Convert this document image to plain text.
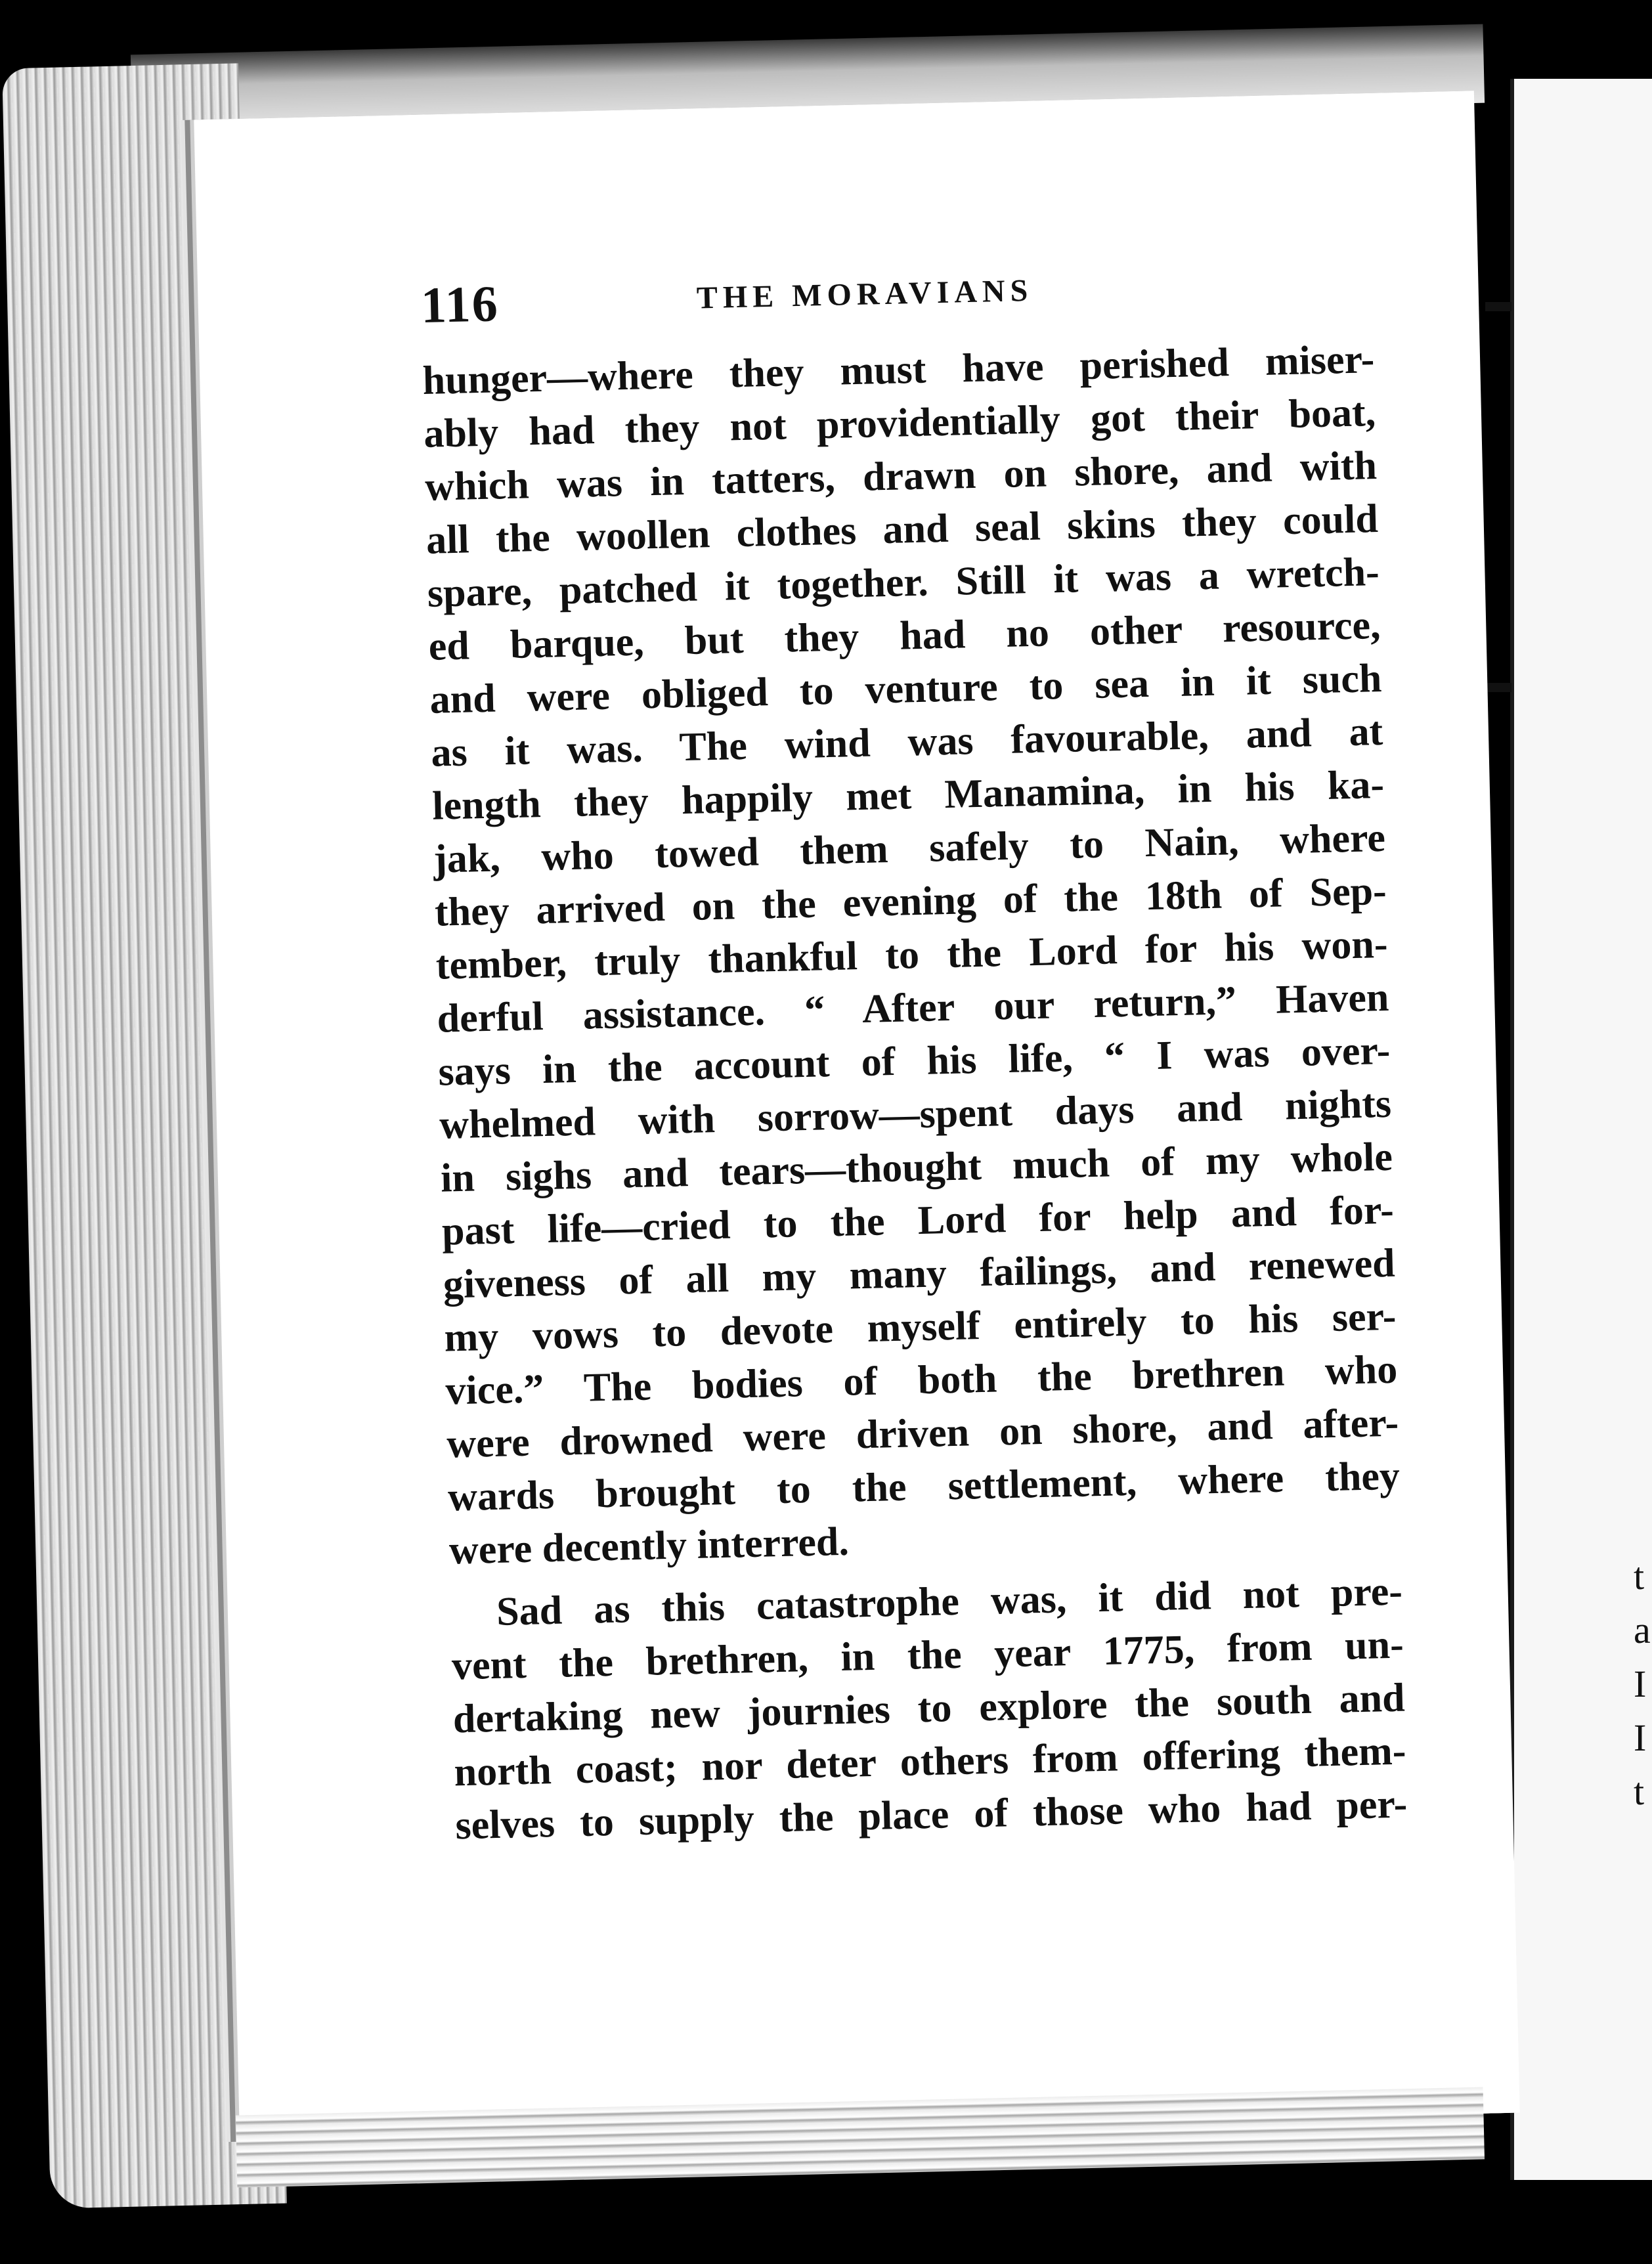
t
a
I
I
t
116	THE MORAVIANS
hunger—where they must have perished miser-
ably had they not providentially got their boat,
which was in tatters, drawn on shore, and with
all the woollen clothes and seal skins they could
spare, patched it together. Still it was a wretch-
ed barque, but they had no other resource,
and were obliged to venture to sea in it such
as it was. The wind was favourable, and at
length they happily met Manamina, in his ka-
jak, who towed them safely to Nain, where
they arrived on the evening of the 18th of Sep-
tember, truly thankful to the Lord for his won-
derful assistance. “ After our return,” Haven
says in the account of his life, “ I was over-
whelmed with sorrow—spent days and nights
in sighs and tears—thought much of my whole
past life—cried to the Lord for help and for-
giveness of all my many failings, and renewed
my vows to devote myself entirely to his ser-
vice.” The bodies of both the brethren who
were drowned were driven on shore, and after-
wards brought to the settlement, where they
were decently interred.
Sad as this catastrophe was, it did not pre-
vent the brethren, in the year 1775, from un-
dertaking new journies to explore the south and
north coast; nor deter others from offering them-
selves to supply the place of those who had per-
